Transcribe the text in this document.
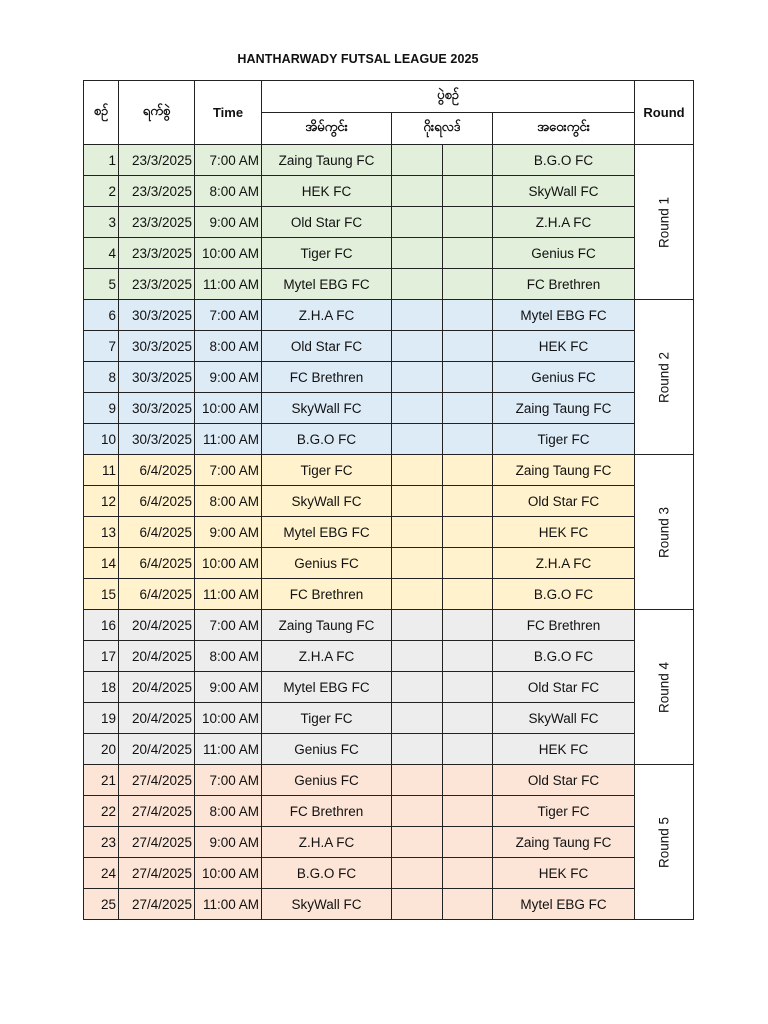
HANTHARWADY FUTSAL LEAGUE 2025
စဉ်	ရက်စွဲ	Time	ပွဲစဉ်				Round
			အိမ်ကွင်း	ဂိုးရလဒ်		အဝေးကွင်း	
1	23/3/2025	7:00 AM	Zaing Taung FC			B.G.O FC	Round 1

2	23/3/2025	8:00 AM	HEK FC			SkyWall FC	
3	23/3/2025	9:00 AM	Old Star FC			Z.H.A FC	
4	23/3/2025	10:00 AM	Tiger FC			Genius FC	
5	23/3/2025	11:00 AM	Mytel EBG FC			FC Brethren	
6	30/3/2025	7:00 AM	Z.H.A FC			Mytel EBG FC	Round 2

7	30/3/2025	8:00 AM	Old Star FC			HEK FC	
8	30/3/2025	9:00 AM	FC Brethren			Genius FC	
9	30/3/2025	10:00 AM	SkyWall FC			Zaing Taung FC	
10	30/3/2025	11:00 AM	B.G.O FC			Tiger FC	
11	6/4/2025	7:00 AM	Tiger FC			Zaing Taung FC	Round 3

12	6/4/2025	8:00 AM	SkyWall FC			Old Star FC	
13	6/4/2025	9:00 AM	Mytel EBG FC			HEK FC	
14	6/4/2025	10:00 AM	Genius FC			Z.H.A FC	
15	6/4/2025	11:00 AM	FC Brethren			B.G.O FC	
16	20/4/2025	7:00 AM	Zaing Taung FC			FC Brethren	Round 4

17	20/4/2025	8:00 AM	Z.H.A FC			B.G.O FC	
18	20/4/2025	9:00 AM	Mytel EBG FC			Old Star FC	
19	20/4/2025	10:00 AM	Tiger FC			SkyWall FC	
20	20/4/2025	11:00 AM	Genius FC			HEK FC	
21	27/4/2025	7:00 AM	Genius FC			Old Star FC	Round 5

22	27/4/2025	8:00 AM	FC Brethren			Tiger FC	
23	27/4/2025	9:00 AM	Z.H.A FC			Zaing Taung FC	
24	27/4/2025	10:00 AM	B.G.O FC			HEK FC	
25	27/4/2025	11:00 AM	SkyWall FC			Mytel EBG FC	
